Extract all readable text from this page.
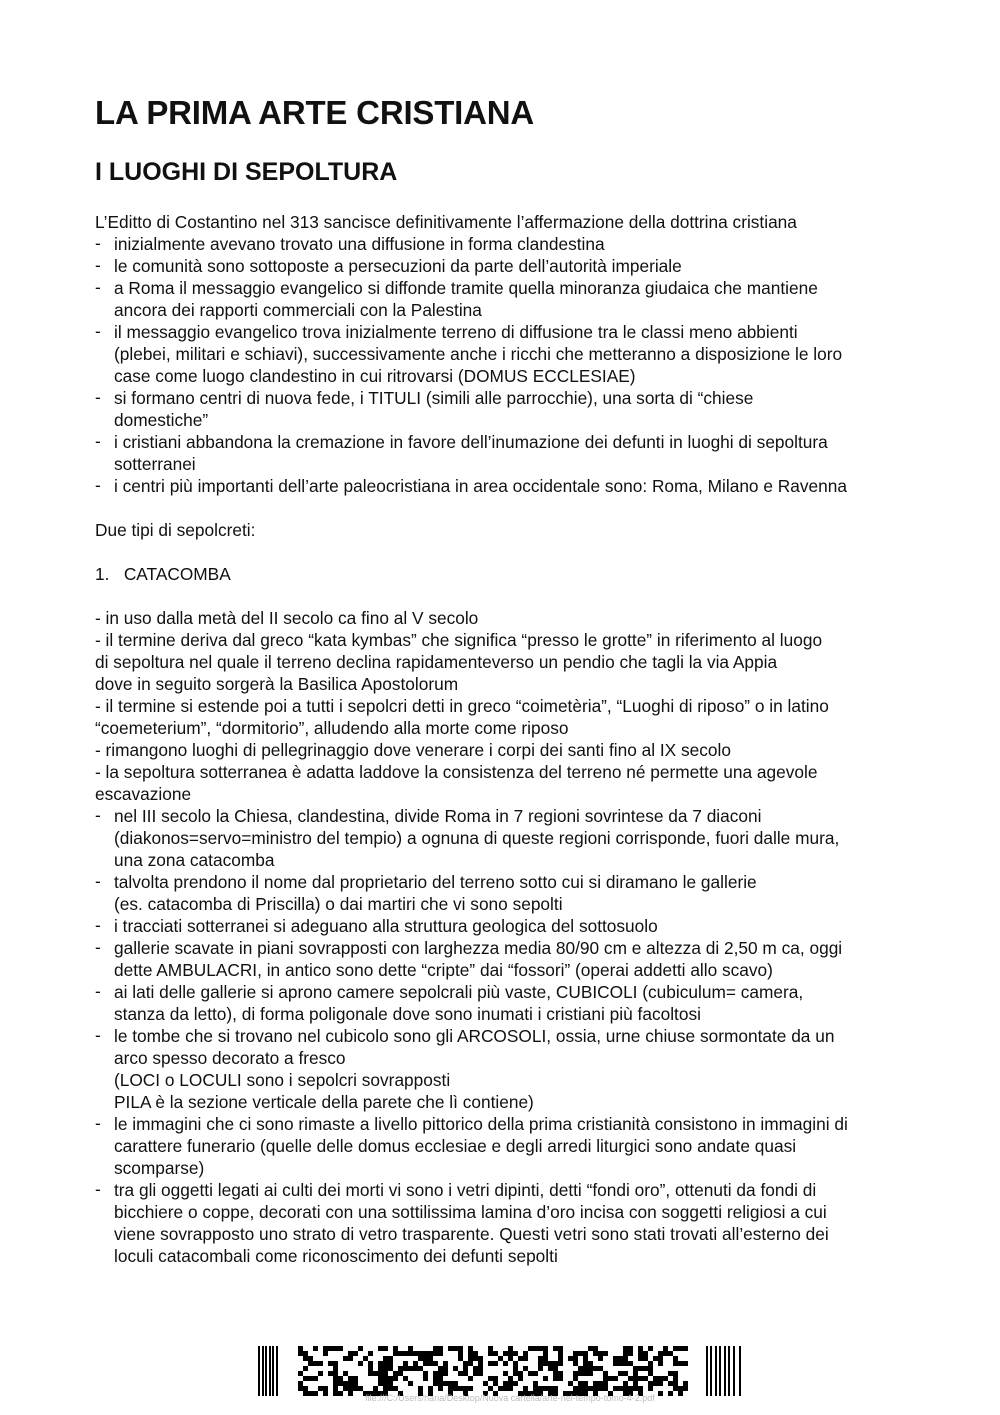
LA PRIMA ARTE CRISTIANA
I LUOGHI DI SEPOLTURA

L’Editto di Costantino nel 313 sancisce definitivamente l’affermazione della dottrina cristiana

- inizialmente avevano trovato una diffusione in forma clandestina

- le comunità sono sottoposte a persecuzioni da parte dell’autorità imperiale

- a Roma il messaggio evangelico si diffonde tramite quella minoranza giudaica che mantiene
ancora dei rapporti commerciali con la Palestina

- il messaggio evangelico trova inizialmente terreno di diffusione tra le classi meno abbienti
(plebei, militari e schiavi), successivamente anche i ricchi che metteranno a disposizione le loro
case come luogo clandestino in cui ritrovarsi (DOMUS ECCLESIAE)

- si formano centri di nuova fede, i TITULI (simili alle parrocchie), una sorta di “chiese
domestiche”

- i cristiani abbandona la cremazione in favore dell’inumazione dei defunti in luoghi di sepoltura
sotterranei

- i centri più importanti dell’arte paleocristiana in area occidentale sono: Roma, Milano e Ravenna

Due tipi di sepolcreti:

1. CATACOMBA

- in uso dalla metà del II secolo ca fino al V secolo

- il termine deriva dal greco “kata kymbas” che significa “presso le grotte” in riferimento al luogo
di sepoltura nel quale il terreno declina rapidamenteverso un pendio che tagli la via Appia
dove in seguito sorgerà la Basilica Apostolorum

- il termine si estende poi a tutti i sepolcri detti in greco “coimetèria”, “Luoghi di riposo” o in latino
“coemeterium”, “dormitorio”, alludendo alla morte come riposo

- rimangono luoghi di pellegrinaggio dove venerare i corpi dei santi fino al IX secolo

- la sepoltura sotterranea è adatta laddove la consistenza del terreno né permette una agevole
escavazione

- nel III secolo la Chiesa, clandestina, divide Roma in 7 regioni sovrintese da 7 diaconi
(diakonos=servo=ministro del tempio) a ognuna di queste regioni corrisponde, fuori dalle mura,
una zona catacomba

- talvolta prendono il nome dal proprietario del terreno sotto cui si diramano le gallerie
(es. catacomba di Priscilla) o dai martiri che vi sono sepolti

- i tracciati sotterranei si adeguano alla struttura geologica del sottosuolo

- gallerie scavate in piani sovrapposti con larghezza media 80/90 cm e altezza di 2,50 m ca, oggi
dette AMBULACRI, in antico sono dette “cripte” dai “fossori” (operai addetti allo scavo)

- ai lati delle gallerie si aprono camere sepolcrali più vaste, CUBICOLI (cubiculum= camera,
stanza da letto), di forma poligonale dove sono inumati i cristiani più facoltosi

- le tombe che si trovano nel cubicolo sono gli ARCOSOLI, ossia, urne chiuse sormontate da un
arco spesso decorato a fresco
(LOCI o LOCULI sono i sepolcri sovrapposti
PILA è la sezione verticale della parete che lì contiene)

- le immagini che ci sono rimaste a livello pittorico della prima cristianità consistono in immagini di
carattere funerario (quelle delle domus ecclesiae e degli arredi liturgici sono andate quasi
scomparse)

- tra gli oggetti legati ai culti dei morti vi sono i vetri dipinti, detti “fondi oro”, ottenuti da fondi di
bicchiere o coppe, decorati con una sottilissima lamina d’oro incisa con soggetti religiosi a cui
viene sovrapposto uno strato di vetro trasparente. Questi vetri sono stati trovati all’esterno dei
loculi catacombali come riconoscimento dei defunti sepolti

file:///C:/Users/hana/Desktop/Nuova cartella/arte-nel-tempo-tomo-4-2.pdf
